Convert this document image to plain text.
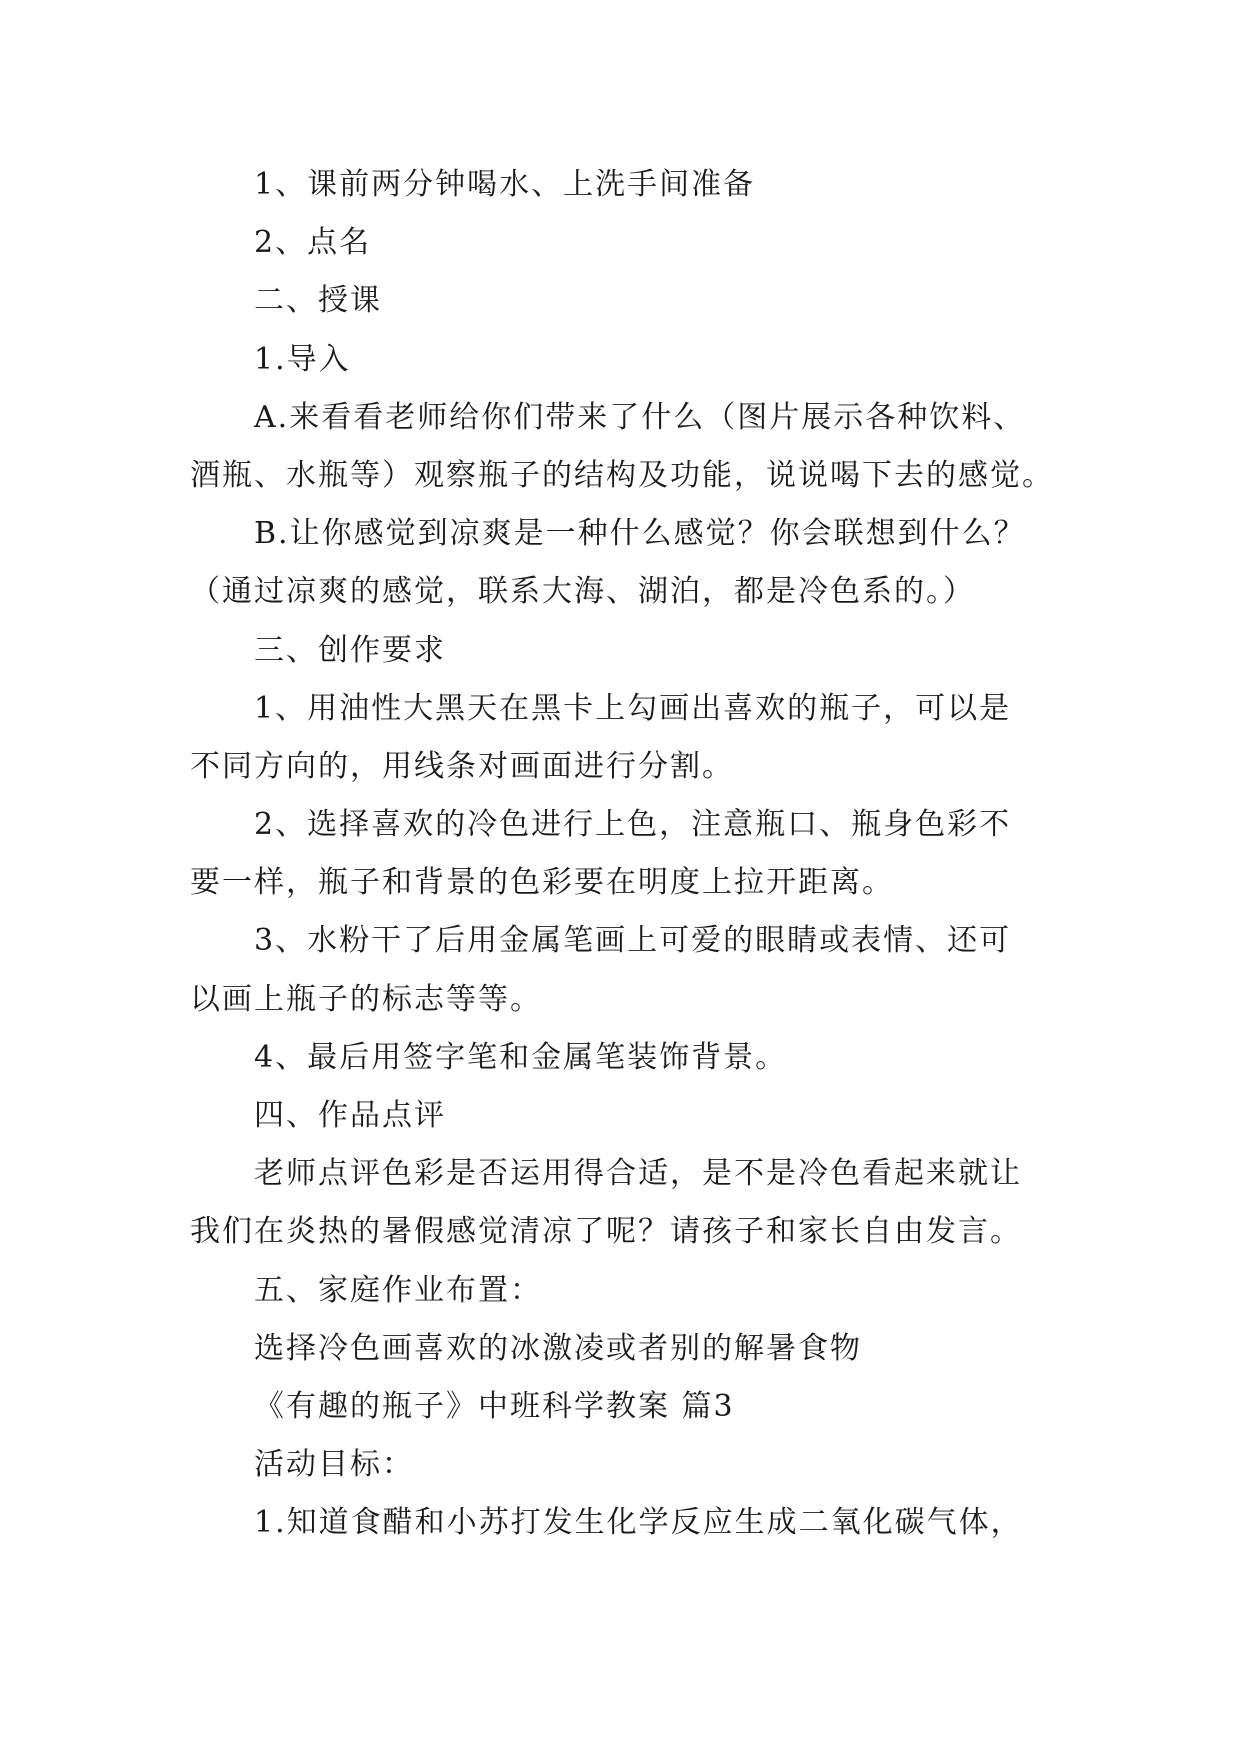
1、课前两分钟喝水、上洗手间准备
2、点名
二、授课
1.导入
A.来看看老师给你们带来了什么（图片展示各种饮料、
酒瓶、水瓶等）观察瓶子的结构及功能，说说喝下去的感觉。
B.让你感觉到凉爽是一种什么感觉？你会联想到什么？
（通过凉爽的感觉，联系大海、湖泊，都是冷色系的。）
三、创作要求
1、用油性大黑天在黑卡上勾画出喜欢的瓶子，可以是
不同方向的，用线条对画面进行分割。
2、选择喜欢的冷色进行上色，注意瓶口、瓶身色彩不
要一样，瓶子和背景的色彩要在明度上拉开距离。
3、水粉干了后用金属笔画上可爱的眼睛或表情、还可
以画上瓶子的标志等等。
4、最后用签字笔和金属笔装饰背景。
四、作品点评
老师点评色彩是否运用得合适，是不是冷色看起来就让
我们在炎热的暑假感觉清凉了呢？请孩子和家长自由发言。
五、家庭作业布置：
选择冷色画喜欢的冰激凌或者别的解暑食物
《有趣的瓶子》中班科学教案 篇3
活动目标：
1.知道食醋和小苏打发生化学反应生成二氧化碳气体，
